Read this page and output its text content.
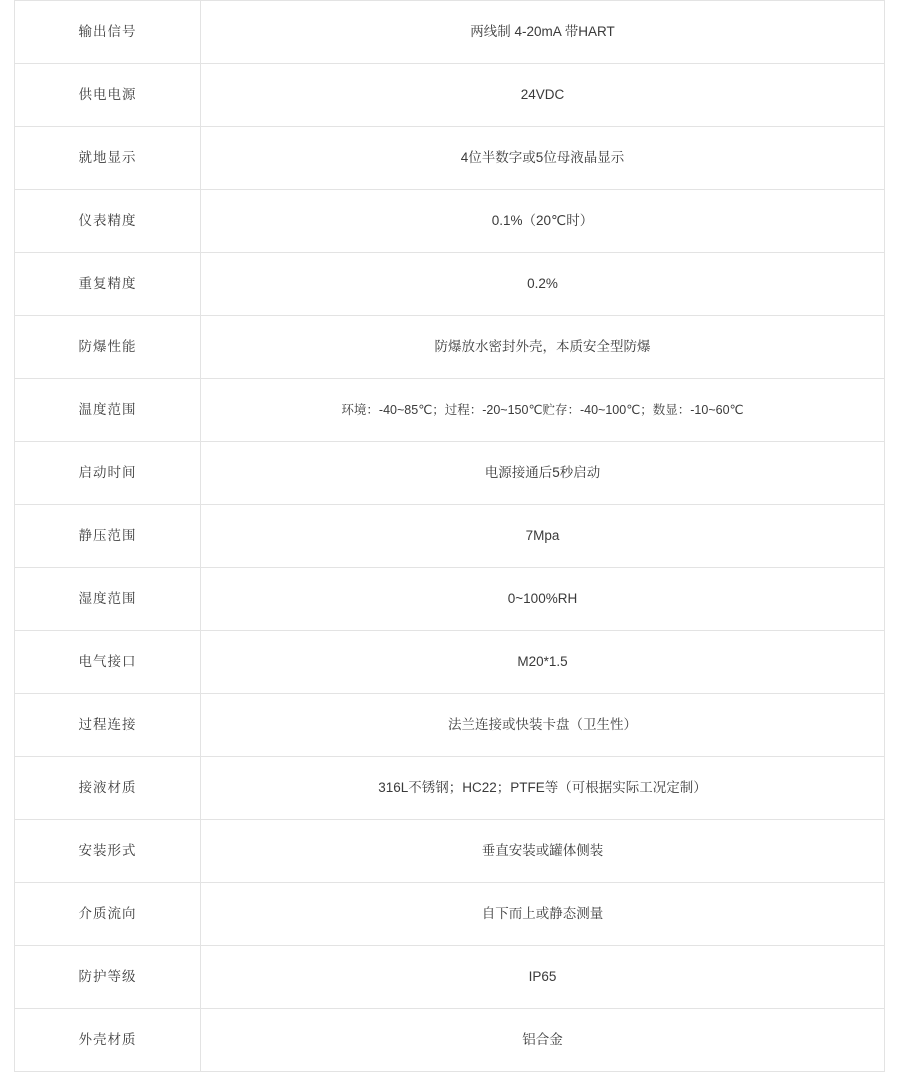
输出信号	两线制 4-20mA 带HART
供电电源	24VDC
就地显示	4位半数字或5位母液晶显示
仪表精度	0.1%（20℃时）
重复精度	0.2%
防爆性能	防爆放水密封外壳，本质安全型防爆
温度范围	环境：-40~85℃；过程：-20~150℃贮存：-40~100℃；数显：-10~60℃
启动时间	电源接通后5秒启动
静压范围	7Mpa
湿度范围	0~100%RH
电气接口	M20*1.5
过程连接	法兰连接或快装卡盘（卫生性）
接液材质	316L不锈钢；HC22；PTFE等（可根据实际工况定制）
安装形式	垂直安装或罐体侧装
介质流向	自下而上或静态测量
防护等级	IP65
外壳材质	铝合金
